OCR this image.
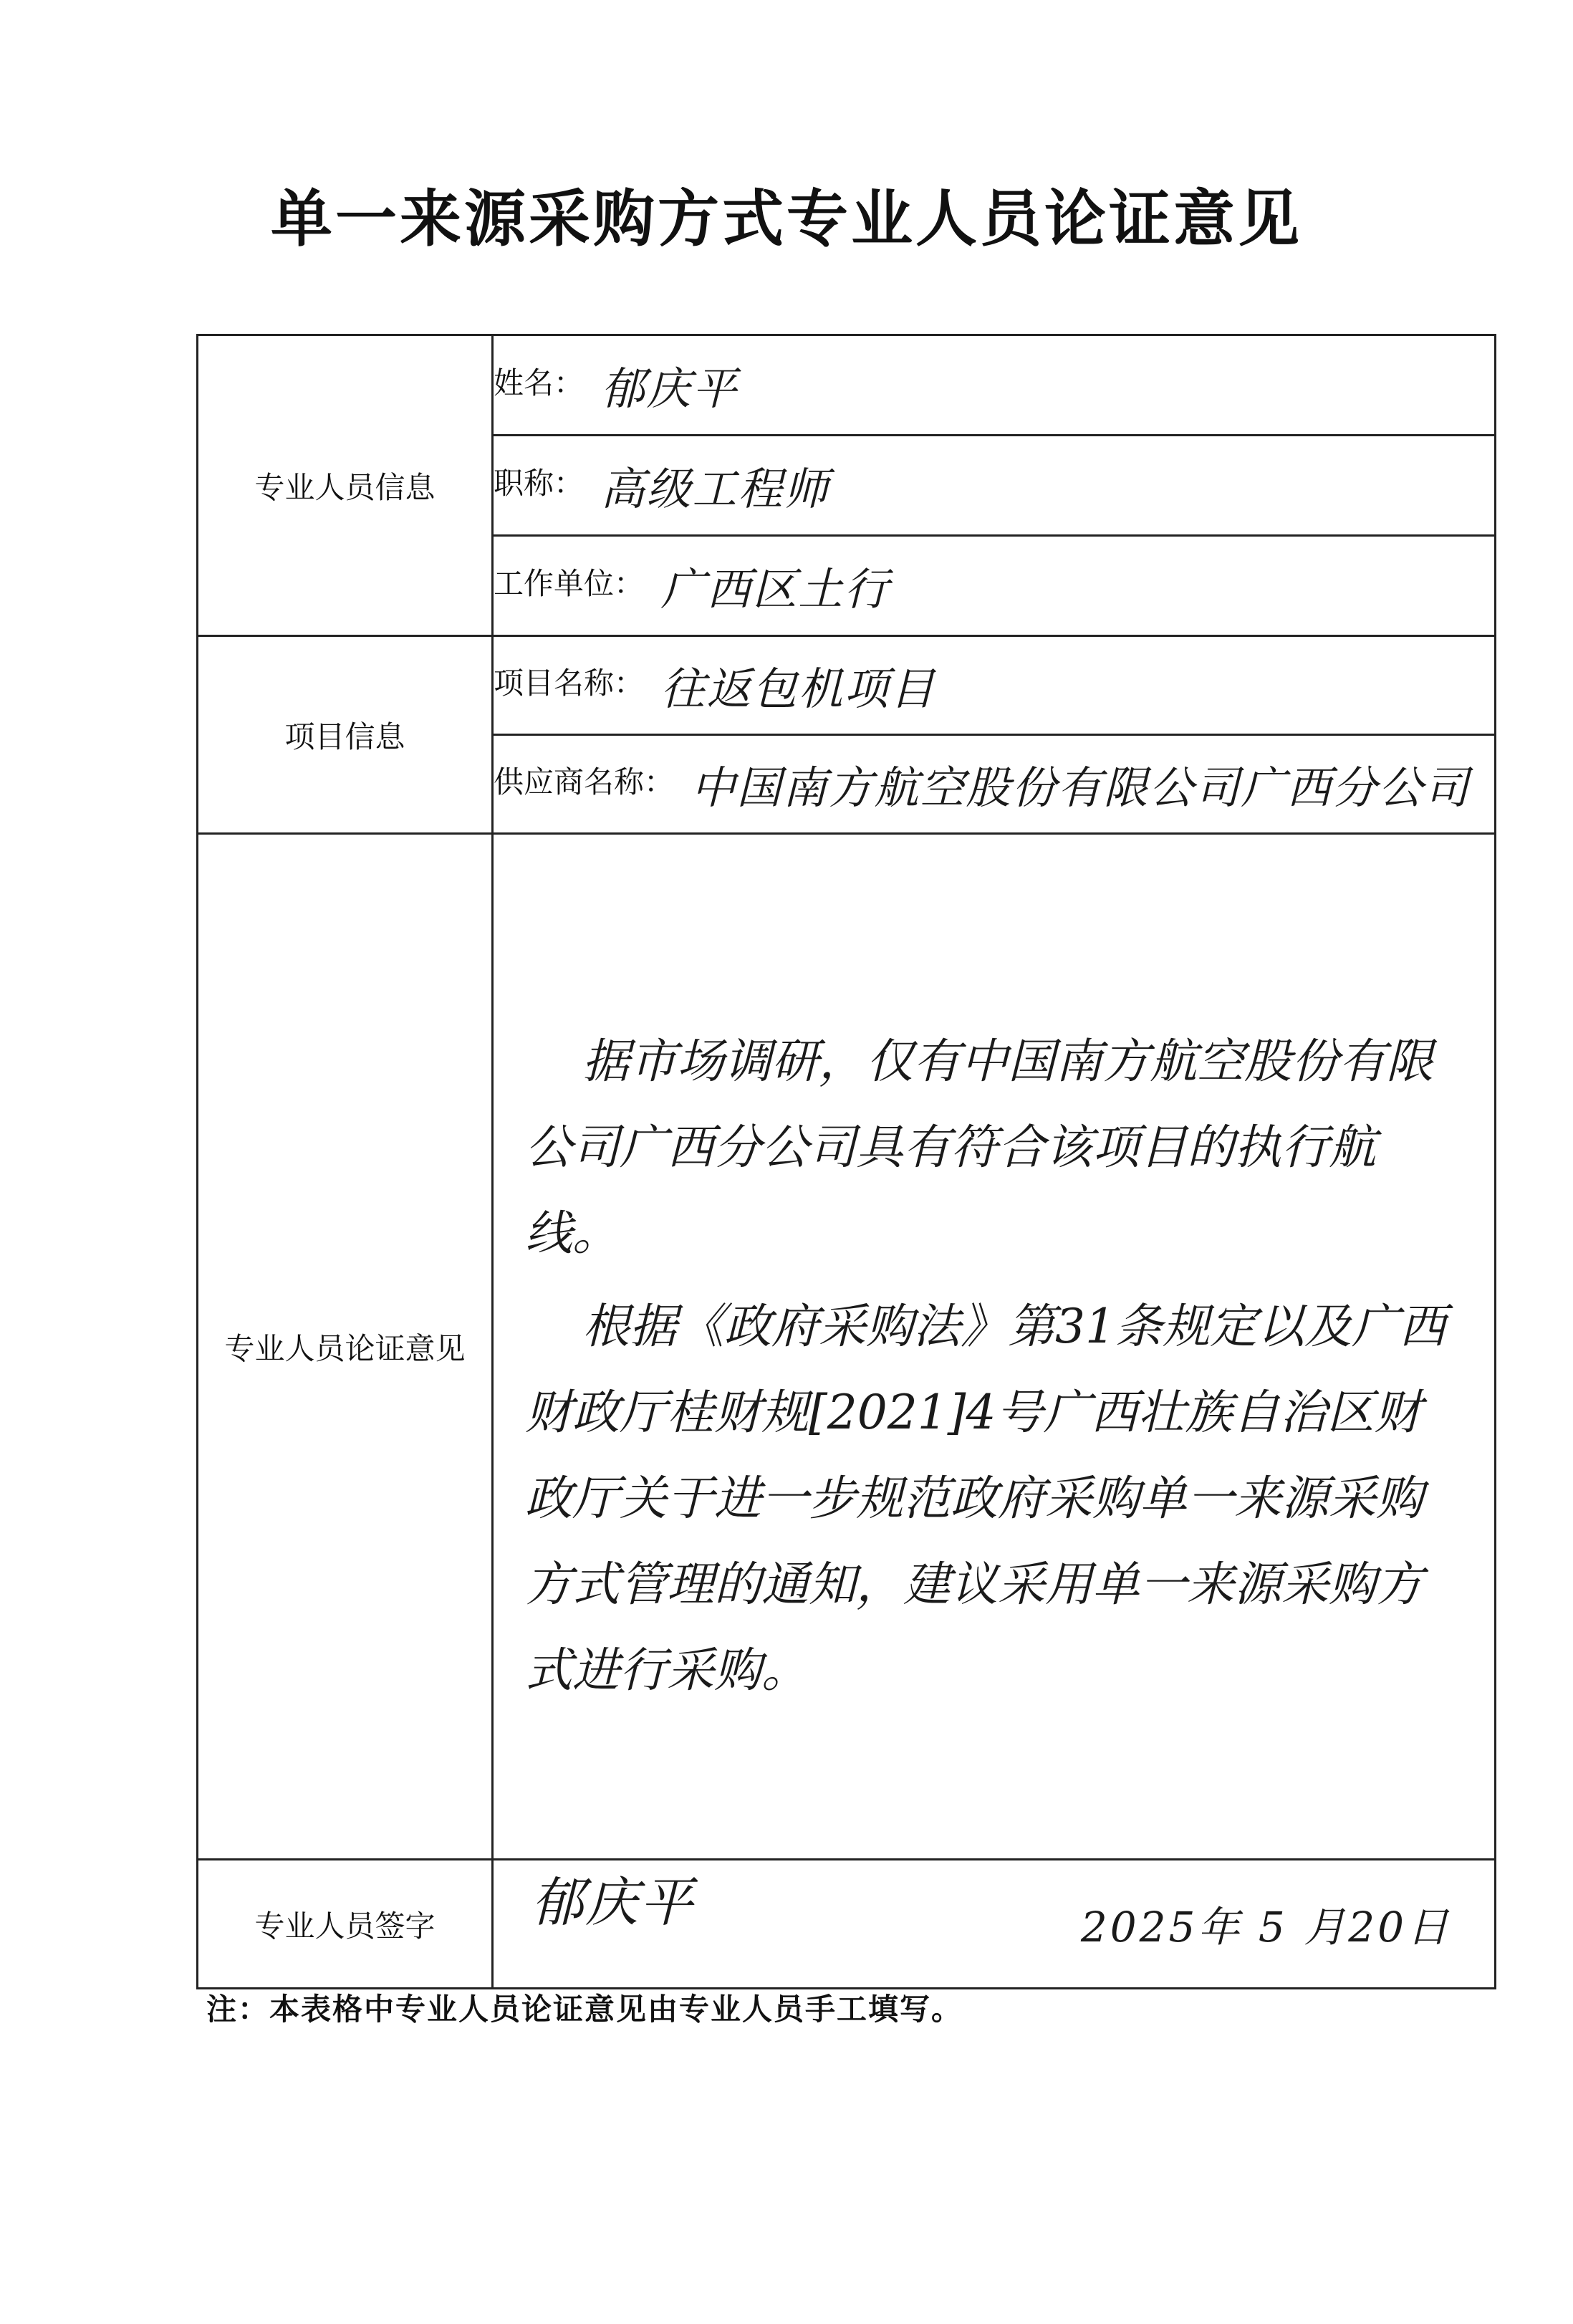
单一来源采购方式专业人员论证意见
专业人员信息	姓名： 郁庆平
	职称： 高级工程师
	工作单位： 广西区土行
项目信息	项目名称： 往返包机项目
	供应商名称： 中国南方航空股份有限公司广西分公司
专业人员论证意见	据市场调研，仅有中国南方航空股份有限公司广西分公司具有符合该项目的执行航线。

根据《政府采购法》第31条规定以及广西财政厅桂财规[2021]4号广西壮族自治区财政厅关于进一步规范政府采购单一来源采购方式管理的通知，建议采用单一来源采购方式进行采购。

专业人员签字	郁庆平 2025年 5 月20日
注：本表格中专业人员论证意见由专业人员手工填写。
